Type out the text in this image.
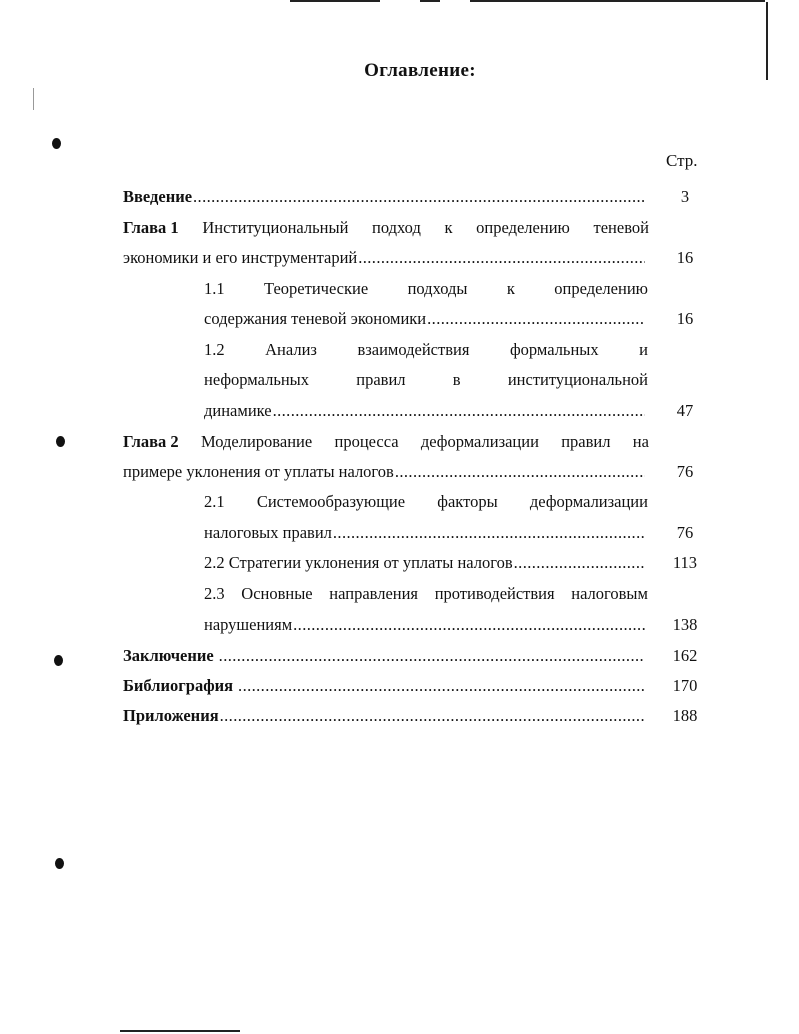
Оглавление:
Стр.
Введение .....	3
Глава 1 Институциональный подход к определению теневой
экономики и его инструментарий .....	16
1.1 Теоретические подходы к определению
содержания теневой экономики .....	16
1.2 Анализ взаимодействия формальных и
неформальных	правил	в	институциональной
динамике .....	47
Глава 2 Моделирование процесса деформализации правил на
примере уклонения от уплаты налогов .....	76
2.1 Системообразующие факторы деформализации
налоговых правил .....	76
2.2 Стратегии уклонения от уплаты налогов .....	113
2.3 Основные направления противодействия налоговым
нарушениям .....	138
Заключение .....	162
Библиография .....	170
Приложения .....	188
